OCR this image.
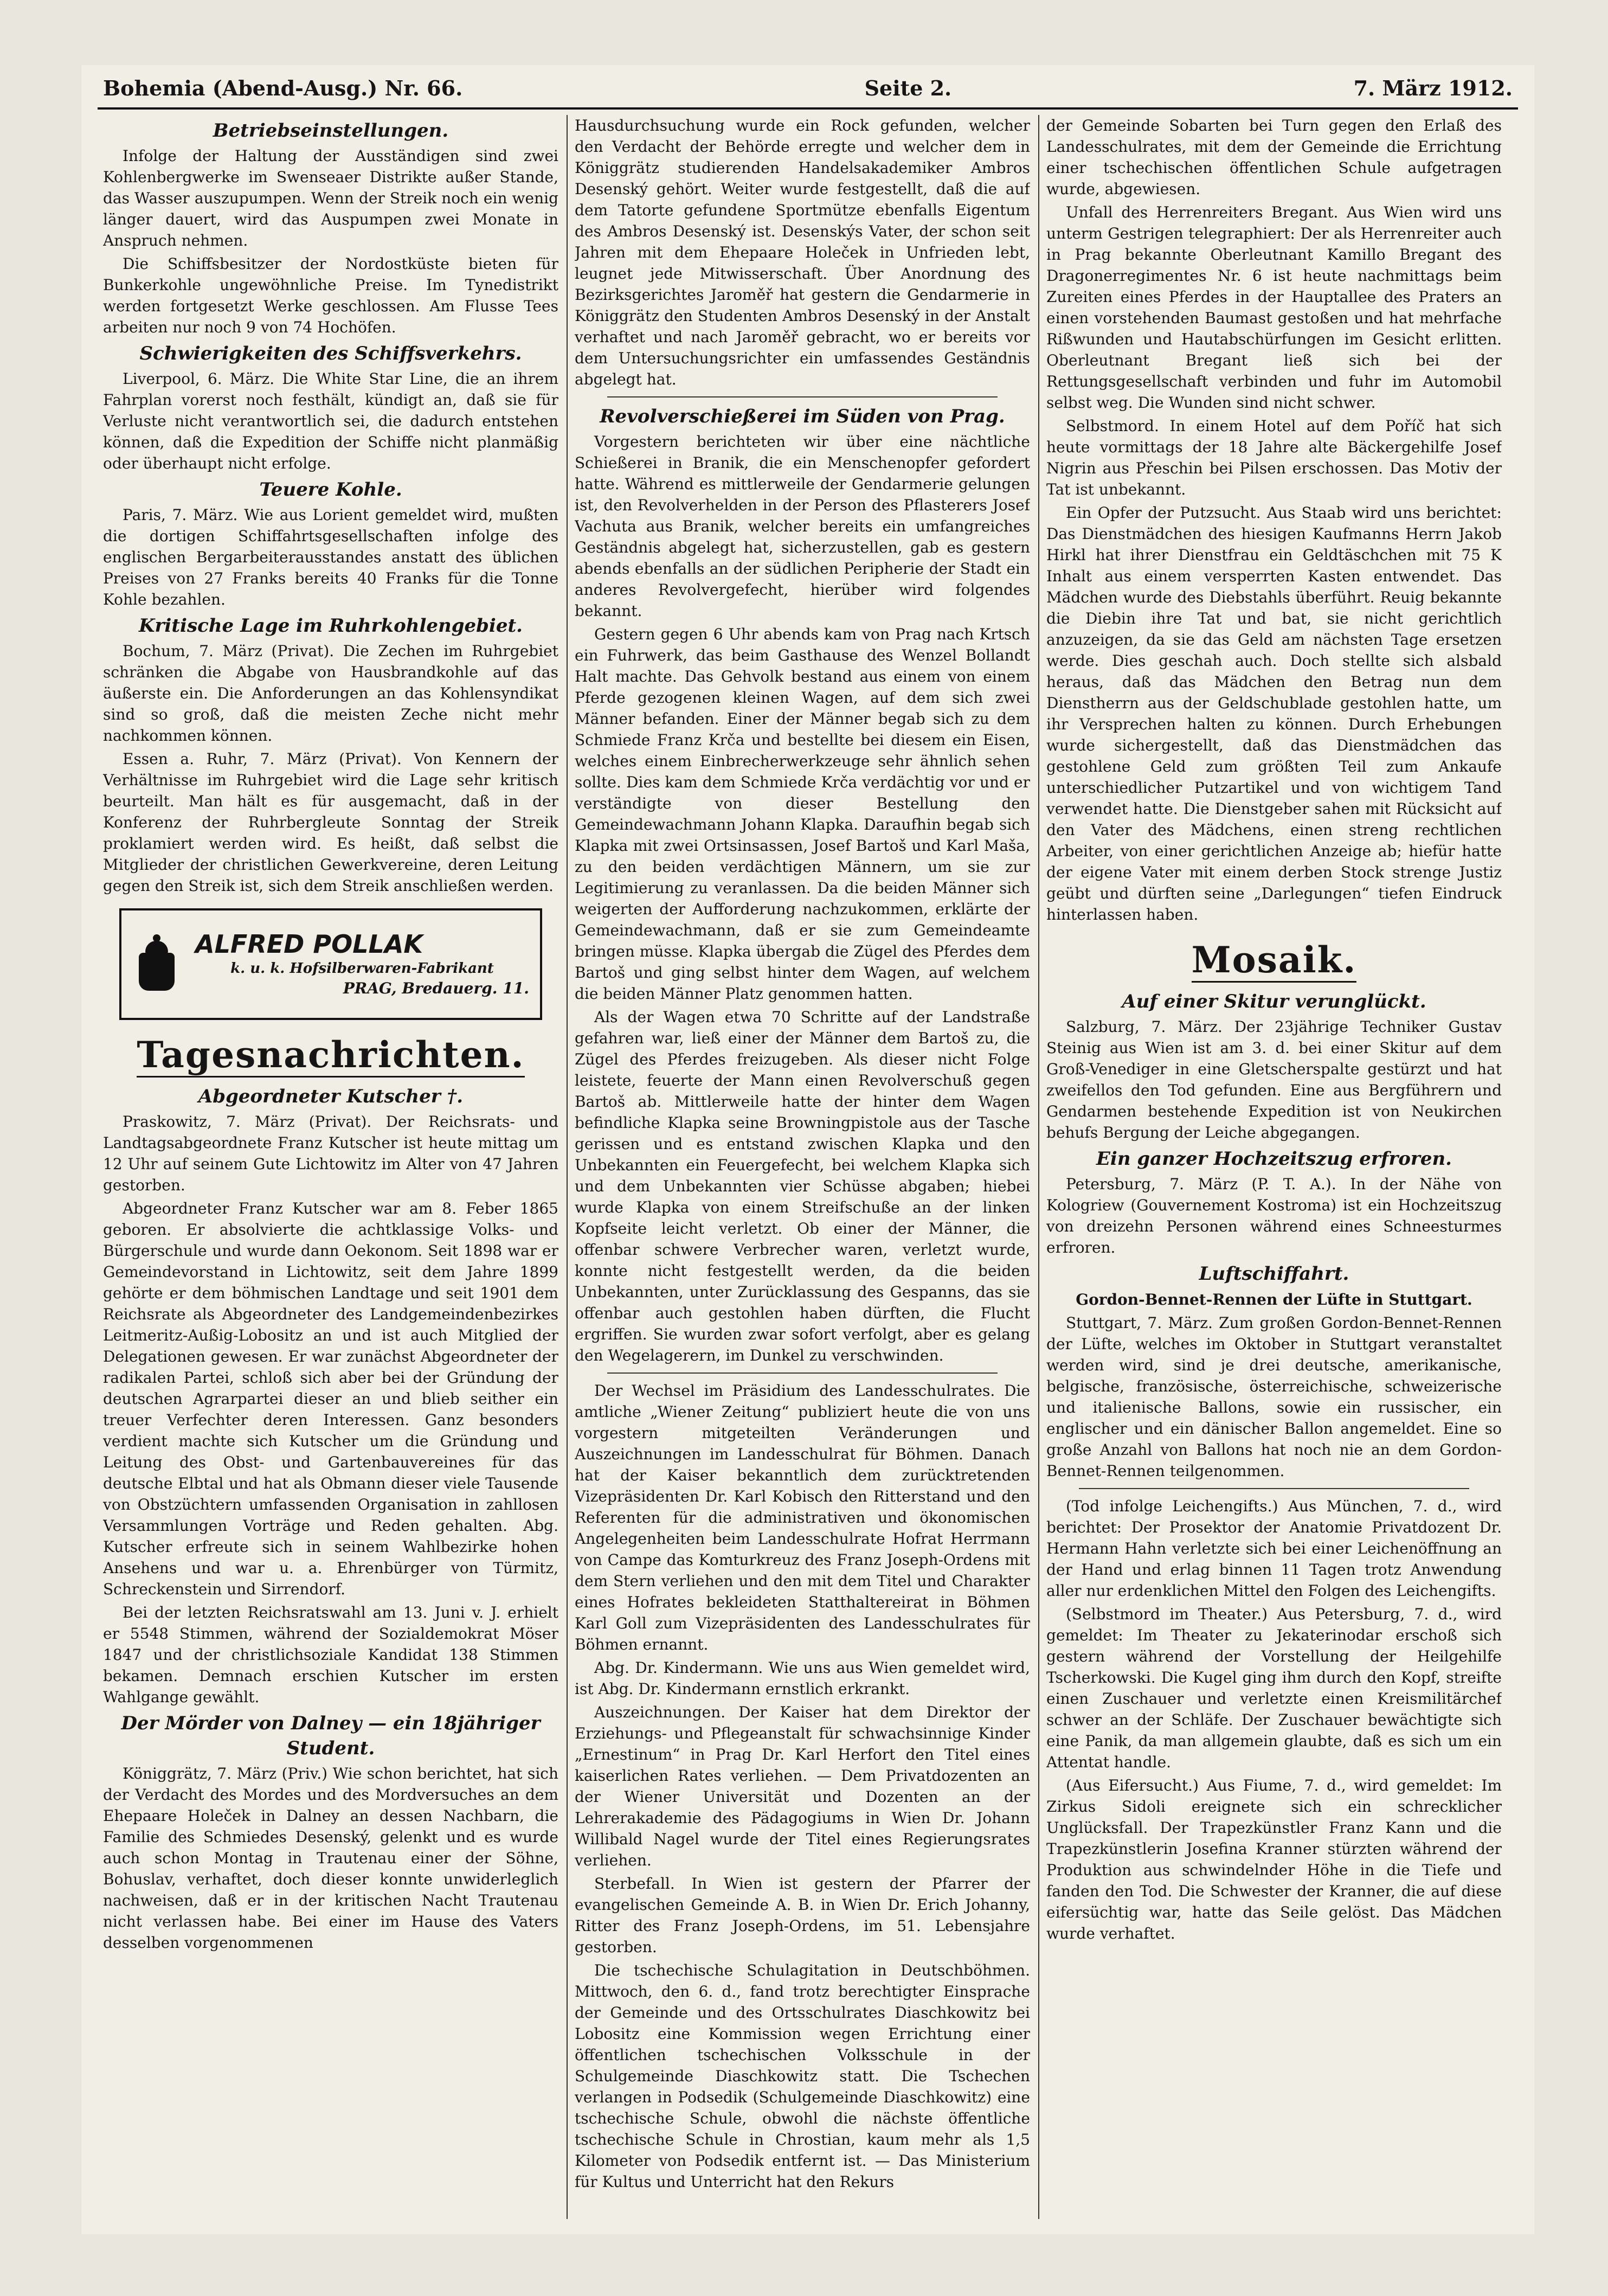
Bohemia (Abend-Ausg.) Nr. 66.	Seite 2.	7. März 1912.
Betriebseinstellungen.

Infolge der Haltung der Ausständigen sind zwei Kohlenbergwerke im Swenseaer Distrikte außer Stande, das Wasser auszupumpen. Wenn der Streik noch ein wenig länger dauert, wird das Auspumpen zwei Monate in Anspruch nehmen.

Die Schiffsbesitzer der Nordostküste bieten für Bunkerkohle ungewöhnliche Preise. Im Tynedistrikt werden fortgesetzt Werke geschlossen. Am Flusse Tees arbeiten nur noch 9 von 74 Hochöfen.

Schwierigkeiten des Schiffsverkehrs.

Liverpool, 6. März. Die White Star Line, die an ihrem Fahrplan vorerst noch festhält, kündigt an, daß sie für Verluste nicht verantwortlich sei, die dadurch entstehen können, daß die Expedition der Schiffe nicht planmäßig oder überhaupt nicht erfolge.

Teuere Kohle.

Paris, 7. März. Wie aus Lorient gemeldet wird, mußten die dortigen Schiffahrtsgesellschaften infolge des englischen Bergarbeiterausstandes anstatt des üblichen Preises von 27 Franks bereits 40 Franks für die Tonne Kohle bezahlen.

Kritische Lage im Ruhrkohlengebiet.

Bochum, 7. März (Privat). Die Zechen im Ruhrgebiet schränken die Abgabe von Hausbrandkohle auf das äußerste ein. Die Anforderungen an das Kohlensyndikat sind so groß, daß die meisten Zeche nicht mehr nachkommen können.

Essen a. Ruhr, 7. März (Privat). Von Kennern der Verhältnisse im Ruhrgebiet wird die Lage sehr kritisch beurteilt. Man hält es für ausgemacht, daß in der Konferenz der Ruhrbergleute Sonntag der Streik proklamiert werden wird. Es heißt, daß selbst die Mitglieder der christlichen Gewerkvereine, deren Leitung gegen den Streik ist, sich dem Streik anschließen werden.

ALFRED POLLAK
k. u. k. Hofsilberwaren-Fabrikant
PRAG, Bredauerg. 11.
Tagesnachrichten.
Abgeordneter Kutscher †.

Praskowitz, 7. März (Privat). Der Reichsrats- und Landtagsabgeordnete Franz Kutscher ist heute mittag um 12 Uhr auf seinem Gute Lichtowitz im Alter von 47 Jahren gestorben.

Abgeordneter Franz Kutscher war am 8. Feber 1865 geboren. Er absolvierte die achtklassige Volks- und Bürgerschule und wurde dann Oekonom. Seit 1898 war er Gemeindevorstand in Lichtowitz, seit dem Jahre 1899 gehörte er dem böhmischen Landtage und seit 1901 dem Reichsrate als Abgeordneter des Landgemeindenbezirkes Leitmeritz-Außig-Lobositz an und ist auch Mitglied der Delegationen gewesen. Er war zunächst Abgeordneter der radikalen Partei, schloß sich aber bei der Gründung der deutschen Agrarpartei dieser an und blieb seither ein treuer Verfechter deren Interessen. Ganz besonders verdient machte sich Kutscher um die Gründung und Leitung des Obst- und Gartenbauvereines für das deutsche Elbtal und hat als Obmann dieser viele Tausende von Obstzüchtern umfassenden Organisation in zahllosen Versammlungen Vorträge und Reden gehalten. Abg. Kutscher erfreute sich in seinem Wahlbezirke hohen Ansehens und war u. a. Ehrenbürger von Türmitz, Schreckenstein und Sirrendorf.

Bei der letzten Reichsratswahl am 13. Juni v. J. erhielt er 5548 Stimmen, während der Sozialdemokrat Möser 1847 und der christlichsoziale Kandidat 138 Stimmen bekamen. Demnach erschien Kutscher im ersten Wahlgange gewählt.

Der Mörder von Dalney — ein 18jähriger Student.

Königgrätz, 7. März (Priv.) Wie schon berichtet, hat sich der Verdacht des Mordes und des Mordversuches an dem Ehepaare Holeček in Dalney an dessen Nachbarn, die Familie des Schmiedes Desenský, gelenkt und es wurde auch schon Montag in Trautenau einer der Söhne, Bohuslav, verhaftet, doch dieser konnte unwiderleglich nachweisen, daß er in der kritischen Nacht Trautenau nicht verlassen habe. Bei einer im Hause des Vaters desselben vorgenommenen

Hausdurchsuchung wurde ein Rock gefunden, welcher den Verdacht der Behörde erregte und welcher dem in Königgrätz studierenden Handelsakademiker Ambros Desenský gehört. Weiter wurde festgestellt, daß die auf dem Tatorte gefundene Sportmütze ebenfalls Eigentum des Ambros Desenský ist. Desenskýs Vater, der schon seit Jahren mit dem Ehepaare Holeček in Unfrieden lebt, leugnet jede Mitwisserschaft. Über Anordnung des Bezirksgerichtes Jaroměř hat gestern die Gendarmerie in Königgrätz den Studenten Ambros Desenský in der Anstalt verhaftet und nach Jaroměř gebracht, wo er bereits vor dem Untersuchungsrichter ein umfassendes Geständnis abgelegt hat.

Revolverschießerei im Süden von Prag.

Vorgestern berichteten wir über eine nächtliche Schießerei in Branik, die ein Menschenopfer gefordert hatte. Während es mittlerweile der Gendarmerie gelungen ist, den Revolverhelden in der Person des Pflasterers Josef Vachuta aus Branik, welcher bereits ein umfangreiches Geständnis abgelegt hat, sicherzustellen, gab es gestern abends ebenfalls an der südlichen Peripherie der Stadt ein anderes Revolvergefecht, hierüber wird folgendes bekannt.

Gestern gegen 6 Uhr abends kam von Prag nach Krtsch ein Fuhrwerk, das beim Gasthause des Wenzel Bollandt Halt machte. Das Gehvolk bestand aus einem von einem Pferde gezogenen kleinen Wagen, auf dem sich zwei Männer befanden. Einer der Männer begab sich zu dem Schmiede Franz Krča und bestellte bei diesem ein Eisen, welches einem Einbrecherwerkzeuge sehr ähnlich sehen sollte. Dies kam dem Schmiede Krča verdächtig vor und er verständigte von dieser Bestellung den Gemeindewachmann Johann Klapka. Daraufhin begab sich Klapka mit zwei Ortsinsassen, Josef Bartoš und Karl Maša, zu den beiden verdächtigen Männern, um sie zur Legitimierung zu veranlassen. Da die beiden Männer sich weigerten der Aufforderung nachzukommen, erklärte der Gemeindewachmann, daß er sie zum Gemeindeamte bringen müsse. Klapka übergab die Zügel des Pferdes dem Bartoš und ging selbst hinter dem Wagen, auf welchem die beiden Männer Platz genommen hatten.

Als der Wagen etwa 70 Schritte auf der Landstraße gefahren war, ließ einer der Männer dem Bartoš zu, die Zügel des Pferdes freizugeben. Als dieser nicht Folge leistete, feuerte der Mann einen Revolverschuß gegen Bartoš ab. Mittlerweile hatte der hinter dem Wagen befindliche Klapka seine Browningpistole aus der Tasche gerissen und es entstand zwischen Klapka und den Unbekannten ein Feuergefecht, bei welchem Klapka sich und dem Unbekannten vier Schüsse abgaben; hiebei wurde Klapka von einem Streifschuße an der linken Kopfseite leicht verletzt. Ob einer der Männer, die offenbar schwere Verbrecher waren, verletzt wurde, konnte nicht festgestellt werden, da die beiden Unbekannten, unter Zurücklassung des Gespanns, das sie offenbar auch gestohlen haben dürften, die Flucht ergriffen. Sie wurden zwar sofort verfolgt, aber es gelang den Wegelagerern, im Dunkel zu verschwinden.

Der Wechsel im Präsidium des Landesschulrates. Die amtliche „Wiener Zeitung“ publiziert heute die von uns vorgestern mitgeteilten Veränderungen und Auszeichnungen im Landesschulrat für Böhmen. Danach hat der Kaiser bekanntlich dem zurücktretenden Vizepräsidenten Dr. Karl Kobisch den Ritterstand und den Referenten für die administrativen und ökonomischen Angelegenheiten beim Landesschulrate Hofrat Herrmann von Campe das Komturkreuz des Franz Joseph-Ordens mit dem Stern verliehen und den mit dem Titel und Charakter eines Hofrates bekleideten Statthaltereirat in Böhmen Karl Goll zum Vizepräsidenten des Landesschulrates für Böhmen ernannt.

Abg. Dr. Kindermann. Wie uns aus Wien gemeldet wird, ist Abg. Dr. Kindermann ernstlich erkrankt.

Auszeichnungen. Der Kaiser hat dem Direktor der Erziehungs- und Pflegeanstalt für schwachsinnige Kinder „Ernestinum“ in Prag Dr. Karl Herfort den Titel eines kaiserlichen Rates verliehen. — Dem Privatdozenten an der Wiener Universität und Dozenten an der Lehrerakademie des Pädagogiums in Wien Dr. Johann Willibald Nagel wurde der Titel eines Regierungsrates verliehen.

Sterbefall. In Wien ist gestern der Pfarrer der evangelischen Gemeinde A. B. in Wien Dr. Erich Johanny, Ritter des Franz Joseph-Ordens, im 51. Lebensjahre gestorben.

Die tschechische Schulagitation in Deutschböhmen. Mittwoch, den 6. d., fand trotz berechtigter Einsprache der Gemeinde und des Ortsschulrates Diaschkowitz bei Lobositz eine Kommission wegen Errichtung einer öffentlichen tschechischen Volksschule in der Schulgemeinde Diaschkowitz statt. Die Tschechen verlangen in Podsedik (Schulgemeinde Diaschkowitz) eine tschechische Schule, obwohl die nächste öffentliche tschechische Schule in Chrostian, kaum mehr als 1,5 Kilometer von Podsedik entfernt ist. — Das Ministerium für Kultus und Unterricht hat den Rekurs

der Gemeinde Sobarten bei Turn gegen den Erlaß des Landesschulrates, mit dem der Gemeinde die Errichtung einer tschechischen öffentlichen Schule aufgetragen wurde, abgewiesen.

Unfall des Herrenreiters Bregant. Aus Wien wird uns unterm Gestrigen telegraphiert: Der als Herrenreiter auch in Prag bekannte Oberleutnant Kamillo Bregant des Dragonerregimentes Nr. 6 ist heute nachmittags beim Zureiten eines Pferdes in der Hauptallee des Praters an einen vorstehenden Baumast gestoßen und hat mehrfache Rißwunden und Hautabschürfungen im Gesicht erlitten. Oberleutnant Bregant ließ sich bei der Rettungsgesellschaft verbinden und fuhr im Automobil selbst weg. Die Wunden sind nicht schwer.

Selbstmord. In einem Hotel auf dem Poříč hat sich heute vormittags der 18 Jahre alte Bäckergehilfe Josef Nigrin aus Přeschin bei Pilsen erschossen. Das Motiv der Tat ist unbekannt.

Ein Opfer der Putzsucht. Aus Staab wird uns berichtet: Das Dienstmädchen des hiesigen Kaufmanns Herrn Jakob Hirkl hat ihrer Dienstfrau ein Geldtäschchen mit 75 K Inhalt aus einem versperrten Kasten entwendet. Das Mädchen wurde des Diebstahls überführt. Reuig bekannte die Diebin ihre Tat und bat, sie nicht gerichtlich anzuzeigen, da sie das Geld am nächsten Tage ersetzen werde. Dies geschah auch. Doch stellte sich alsbald heraus, daß das Mädchen den Betrag nun dem Dienstherrn aus der Geldschublade gestohlen hatte, um ihr Versprechen halten zu können. Durch Erhebungen wurde sichergestellt, daß das Dienstmädchen das gestohlene Geld zum größten Teil zum Ankaufe unterschiedlicher Putzartikel und von wichtigem Tand verwendet hatte. Die Dienstgeber sahen mit Rücksicht auf den Vater des Mädchens, einen streng rechtlichen Arbeiter, von einer gerichtlichen Anzeige ab; hiefür hatte der eigene Vater mit einem derben Stock strenge Justiz geübt und dürften seine „Darlegungen“ tiefen Eindruck hinterlassen haben.

Mosaik.
Auf einer Skitur verunglückt.

Salzburg, 7. März. Der 23jährige Techniker Gustav Steinig aus Wien ist am 3. d. bei einer Skitur auf dem Groß-Venediger in eine Gletscherspalte gestürzt und hat zweifellos den Tod gefunden. Eine aus Bergführern und Gendarmen bestehende Expedition ist von Neukirchen behufs Bergung der Leiche abgegangen.

Ein ganzer Hochzeitszug erfroren.

Petersburg, 7. März (P. T. A.). In der Nähe von Kologriew (Gouvernement Kostroma) ist ein Hochzeitszug von dreizehn Personen während eines Schneesturmes erfroren.

Luftschiffahrt.
Gordon-Bennet-Rennen der Lüfte in Stuttgart.

Stuttgart, 7. März. Zum großen Gordon-Bennet-Rennen der Lüfte, welches im Oktober in Stuttgart veranstaltet werden wird, sind je drei deutsche, amerikanische, belgische, französische, österreichische, schweizerische und italienische Ballons, sowie ein russischer, ein englischer und ein dänischer Ballon angemeldet. Eine so große Anzahl von Ballons hat noch nie an dem Gordon-Bennet-Rennen teilgenommen.

(Tod infolge Leichengifts.) Aus München, 7. d., wird berichtet: Der Prosektor der Anatomie Privatdozent Dr. Hermann Hahn verletzte sich bei einer Leichenöffnung an der Hand und erlag binnen 11 Tagen trotz Anwendung aller nur erdenklichen Mittel den Folgen des Leichengifts.

(Selbstmord im Theater.) Aus Petersburg, 7. d., wird gemeldet: Im Theater zu Jekaterinodar erschoß sich gestern während der Vorstellung der Heilgehilfe Tscherkowski. Die Kugel ging ihm durch den Kopf, streifte einen Zuschauer und verletzte einen Kreismilitärchef schwer an der Schläfe. Der Zuschauer bewächtigte sich eine Panik, da man allgemein glaubte, daß es sich um ein Attentat handle.

(Aus Eifersucht.) Aus Fiume, 7. d., wird gemeldet: Im Zirkus Sidoli ereignete sich ein schrecklicher Unglücksfall. Der Trapezkünstler Franz Kann und die Trapezkünstlerin Josefina Kranner stürzten während der Produktion aus schwindelnder Höhe in die Tiefe und fanden den Tod. Die Schwester der Kranner, die auf diese eifersüchtig war, hatte das Seile gelöst. Das Mädchen wurde verhaftet.
